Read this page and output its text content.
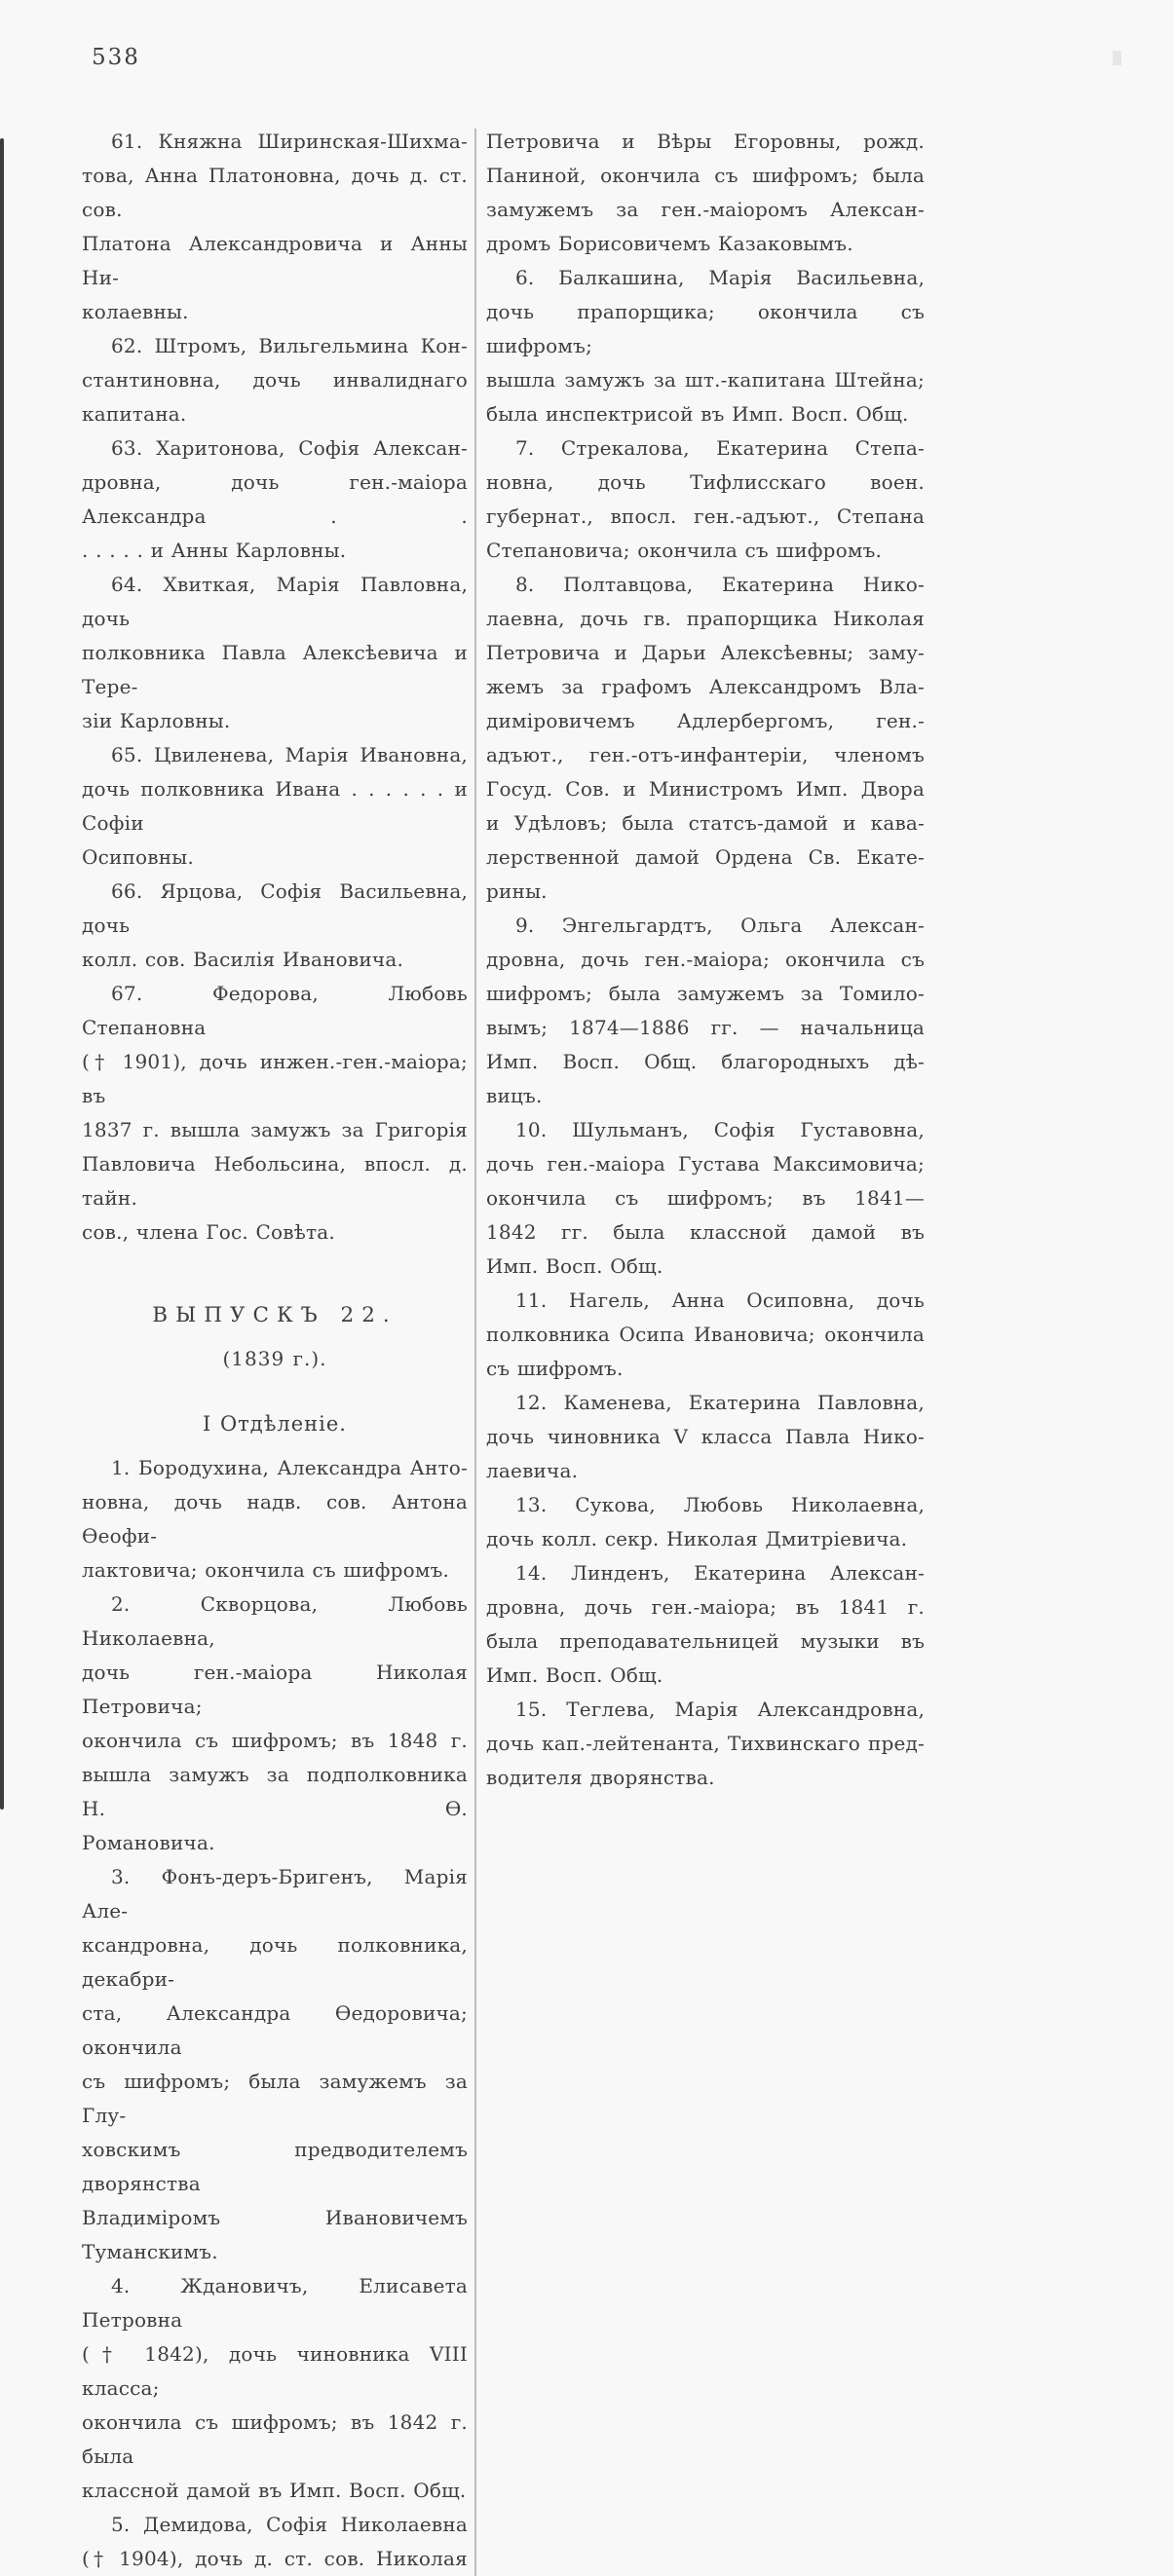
538
61. Княжна Ширинская-Шихма-
това, Анна Платоновна, дочь д. ст. сов.
Платона Александровича и Анны Ни-
колаевны.
62. Штромъ, Вильгельмина Кон-
стантиновна, дочь инвалиднаго капитана.
63. Харитонова, Софія Алексан-
дровна, дочь ген.-маіора Александра . .
. . . . . и Анны Карловны.
64. Хвиткая, Марія Павловна, дочь
полковника Павла Алексѣевича и Тере-
зіи Карловны.
65. Цвиленева, Марія Ивановна,
дочь полковника Ивана . . . . . . и Софіи
Осиповны.
66. Ярцова, Софія Васильевна, дочь
колл. сов. Василія Ивановича.
67. Федорова, Любовь Степановна
(† 1901), дочь инжен.-ген.-маіора; въ
1837 г. вышла замужъ за Григорія
Павловича Небольсина, впосл. д. тайн.
сов., члена Гос. Совѣта.
ВЫПУСКЪ 22.
(1839 г.).
I Отдѣленіе.
1. Бородухина, Александра Анто-
новна, дочь надв. сов. Антона Ѳеофи-
лактовича; окончила съ шифромъ.
2. Скворцова, Любовь Николаевна,
дочь ген.-маіора Николая Петровича;
окончила съ шифромъ; въ 1848 г.
вышла замужъ за подполковника Н. Ѳ.
Романовича.
3. Фонъ-деръ-Бригенъ, Марія Але-
ксандровна, дочь полковника, декабри-
ста, Александра Ѳедоровича; окончила
съ шифромъ; была замужемъ за Глу-
ховскимъ предводителемъ дворянства
Владиміромъ Ивановичемъ Туманскимъ.
4. Ждановичъ, Елисавета Петровна
(† 1842), дочь чиновника VIII класса;
окончила съ шифромъ; въ 1842 г. была
классной дамой въ Имп. Восп. Общ.
5. Демидова, Софія Николаевна
(† 1904), дочь д. ст. сов. Николая
Петровича и Вѣры Егоровны, рожд.
Паниной, окончила съ шифромъ; была
замужемъ за ген.-маіоромъ Алексан-
дромъ Борисовичемъ Казаковымъ.
6. Балкашина, Марія Васильевна,
дочь прапорщика; окончила съ шифромъ;
вышла замужъ за шт.-капитана Штейна;
была инспектрисой въ Имп. Восп. Общ.
7. Стрекалова, Екатерина Степа-
новна, дочь Тифлисскаго воен.
губернат., впосл. ген.-адъют., Степана
Степановича; окончила съ шифромъ.
8. Полтавцова, Екатерина Нико-
лаевна, дочь гв. прапорщика Николая
Петровича и Дарьи Алексѣевны; заму-
жемъ за графомъ Александромъ Вла-
диміровичемъ Адлербергомъ, ген.-
адъют., ген.-отъ-инфантеріи, членомъ
Госуд. Сов. и Министромъ Имп. Двора
и Удѣловъ; была статсъ-дамой и кава-
лерственной дамой Ордена Св. Екате-
рины.
9. Энгельгардтъ, Ольга Алексан-
дровна, дочь ген.-маіора; окончила съ
шифромъ; была замужемъ за Томило-
вымъ; 1874—1886 гг. — начальница
Имп. Восп. Общ. благородныхъ дѣ-
вицъ.
10. Шульманъ, Софія Густавовна,
дочь ген.-маіора Густава Максимовича;
окончила съ шифромъ; въ 1841—
1842 гг. была классной дамой въ
Имп. Восп. Общ.
11. Нагель, Анна Осиповна, дочь
полковника Осипа Ивановича; окончила
съ шифромъ.
12. Каменева, Екатерина Павловна,
дочь чиновника V класса Павла Нико-
лаевича.
13. Сукова, Любовь Николаевна,
дочь колл. секр. Николая Дмитріевича.
14. Линденъ, Екатерина Алексан-
дровна, дочь ген.-маіора; въ 1841 г.
была преподавательницей музыки въ
Имп. Восп. Общ.
15. Теглева, Марія Александровна,
дочь кап.-лейтенанта, Тихвинскаго пред-
водителя дворянства.
